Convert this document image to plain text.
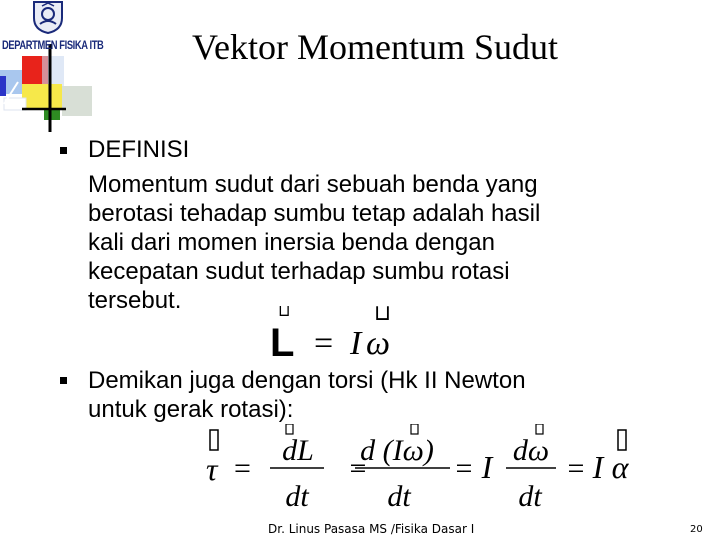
DEPARTMEN FISIKA ITB	Vektor Momentum Sudut
DEFINISI
Momentum sudut dari sebuah benda yang
berotasi tehadap sumbu tetap adalah hasil
kali dari momen inersia benda dengan
kecepatan sudut terhadap sumbu rotasi
tersebut.	⊔	⊔
L = I ω
Demikan juga dengan torsi (Hk II Newton
untuk gerak rotasi):
τ =
dL
dt
=
d (Iω)
dt
= I dω
dt
= I α
Dr. Linus Pasasa MS /Fisika Dasar I	20
